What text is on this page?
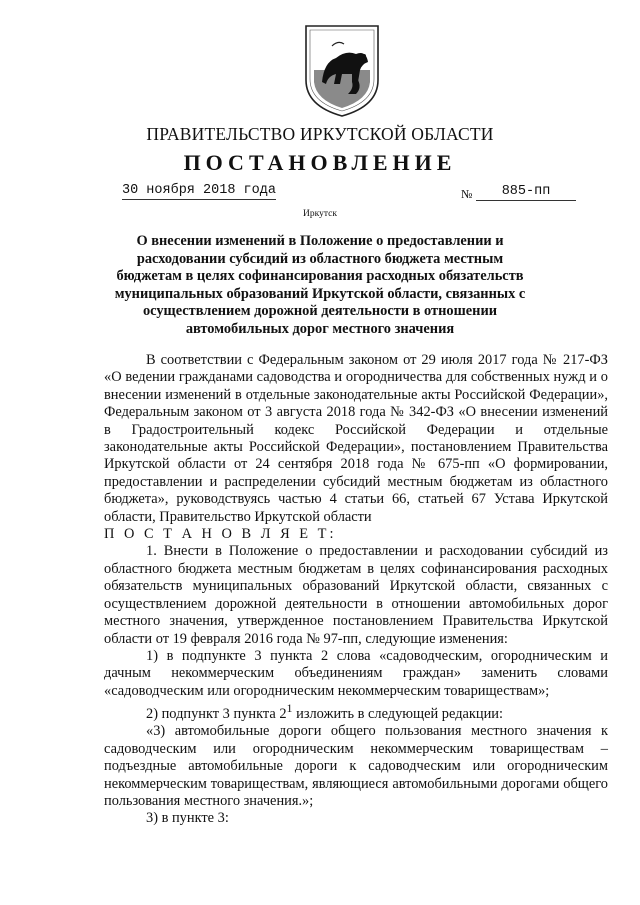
ПРАВИТЕЛЬСТВО ИРКУТСКОЙ ОБЛАСТИ
ПОСТАНОВЛЕНИЕ
30 ноября 2018 года	№	885-пп
Иркутск
О внесении изменений в Положение о предоставлении и расходовании субсидий из областного бюджета местным бюджетам в целях софинансирования расходных обязательств муниципальных образований Иркутской области, связанных с осуществлением дорожной деятельности в отношении автомобильных дорог местного значения

В соответствии с Федеральным законом от 29 июля 2017 года № 217-ФЗ «О ведении гражданами садоводства и огородничества для собственных нужд и о внесении изменений в отдельные законодательные акты Российской Федерации», Федеральным законом от 3 августа 2018 года № 342-ФЗ «О внесении изменений в Градостроительный кодекс Российской Федерации и отдельные законодательные акты Российской Федерации», постановлением Правительства Иркутской области от 24 сентября 2018 года № 675-пп «О формировании, предоставлении и распределении субсидий местным бюджетам из областного бюджета», руководствуясь частью 4 статьи 66, статьей 67 Устава Иркутской области, Правительство Иркутской области

П О С Т А Н О В Л Я Е Т:

1. Внести в Положение о предоставлении и расходовании субсидий из областного бюджета местным бюджетам в целях софинансирования расходных обязательств муниципальных образований Иркутской области, связанных с осуществлением дорожной деятельности в отношении автомобильных дорог местного значения, утвержденное постановлением Правительства Иркутской области от 19 февраля 2016 года № 97-пп, следующие изменения:

1) в подпункте 3 пункта 2 слова «садоводческим, огородническим и дачным некоммерческим объединениям граждан» заменить словами «садоводческим или огородническим некоммерческим товариществам»;

2) подпункт 3 пункта $2^1$ изложить в следующей редакции:

«3) автомобильные дороги общего пользования местного значения к садоводческим или огородническим некоммерческим товариществам – подъездные автомобильные дороги к садоводческим или огородническим некоммерческим товариществам, являющиеся автомобильными дорогами общего пользования местного значения.»;

3) в пункте 3:
